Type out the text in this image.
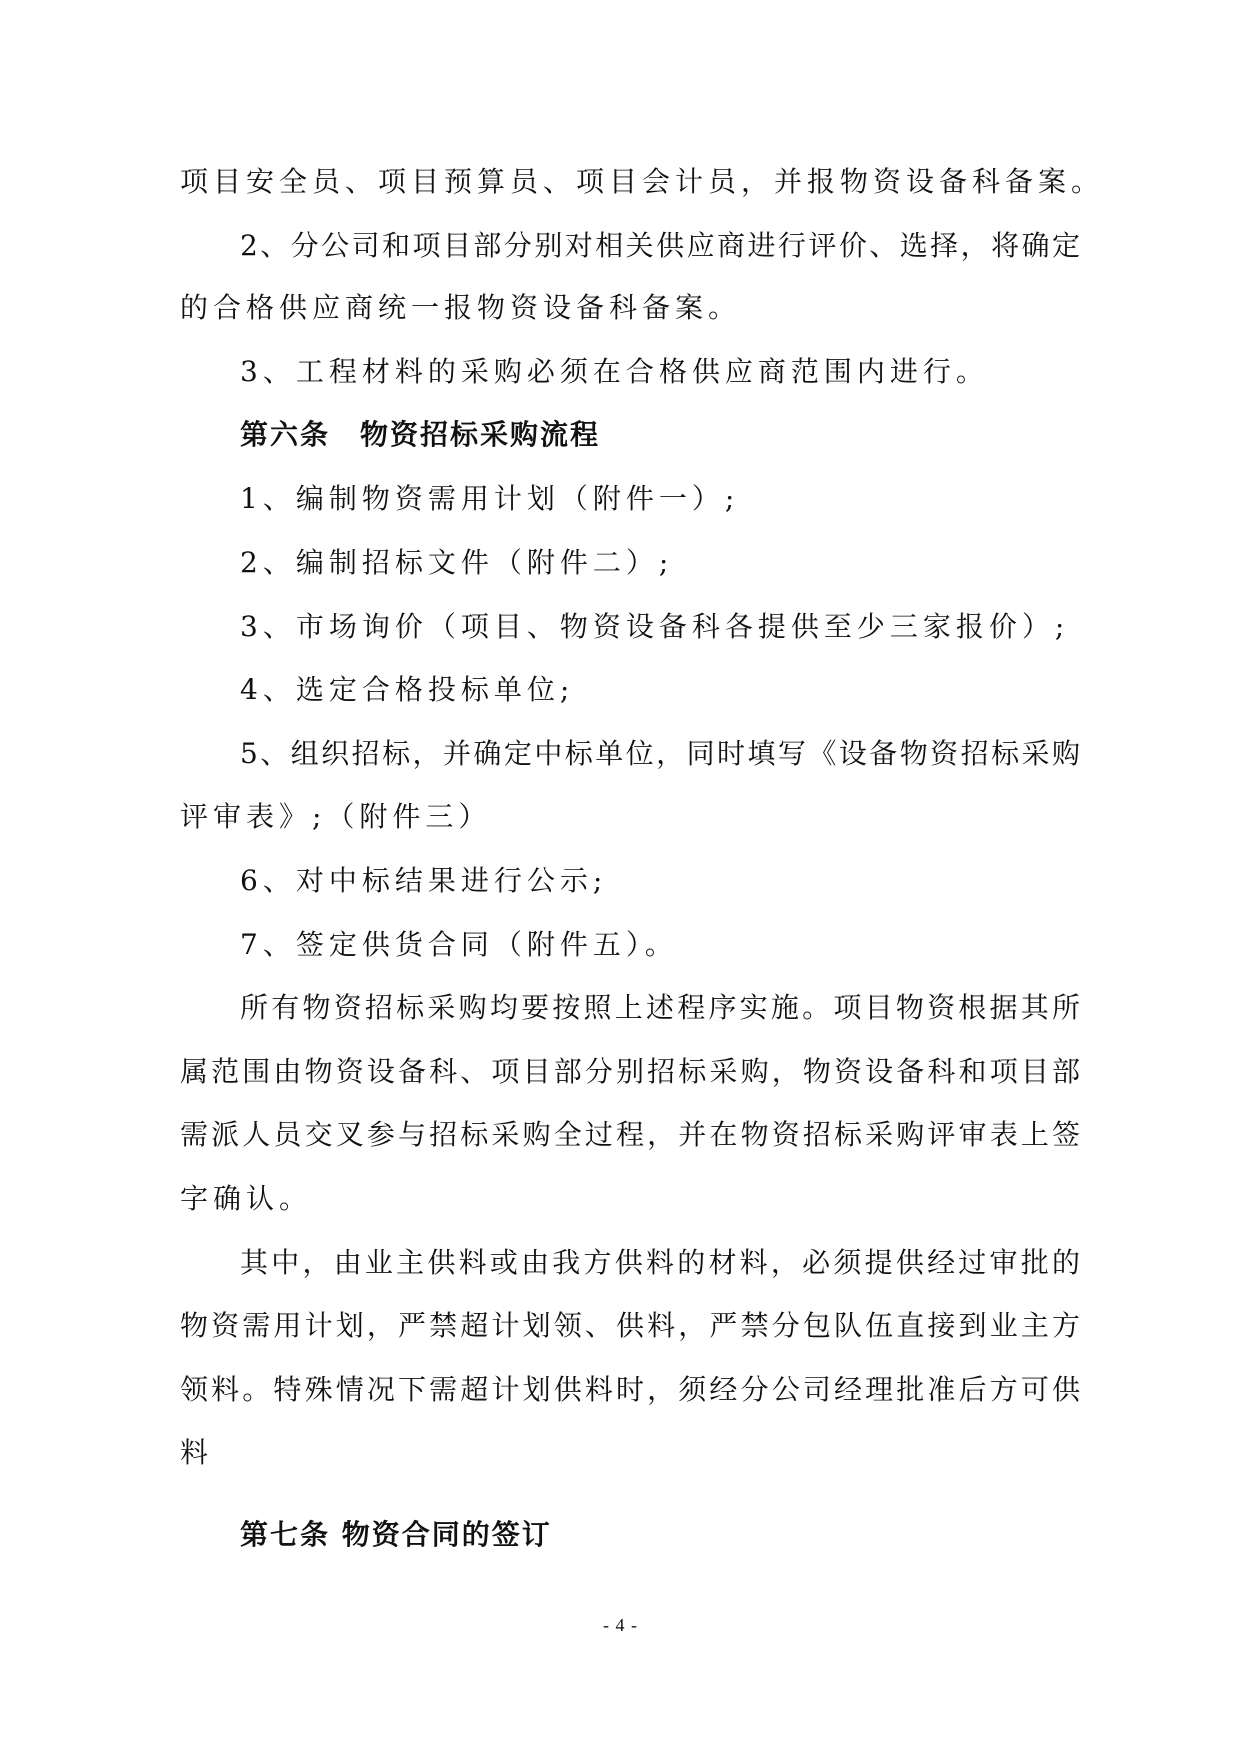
项目安全员、项目预算员、项目会计员，并报物资设备科备案。
2、分公司和项目部分别对相关供应商进行评价、选择，将确定
的合格供应商统一报物资设备科备案。
3、工程材料的采购必须在合格供应商范围内进行。
第六条　物资招标采购流程
1、编制物资需用计划（附件一）;
2、编制招标文件（附件二）;
3、市场询价（项目、物资设备科各提供至少三家报价）;
4、选定合格投标单位;
5、组织招标，并确定中标单位，同时填写《设备物资招标采购
评审表》;（附件三）
6、对中标结果进行公示;
7、签定供货合同（附件五）。
所有物资招标采购均要按照上述程序实施。项目物资根据其所
属范围由物资设备科、项目部分别招标采购，物资设备科和项目部
需派人员交叉参与招标采购全过程，并在物资招标采购评审表上签
字确认。
其中，由业主供料或由我方供料的材料，必须提供经过审批的
物资需用计划，严禁超计划领、供料，严禁分包队伍直接到业主方
领料。特殊情况下需超计划供料时，须经分公司经理批准后方可供
料
第七条 物资合同的签订
- 4 -
